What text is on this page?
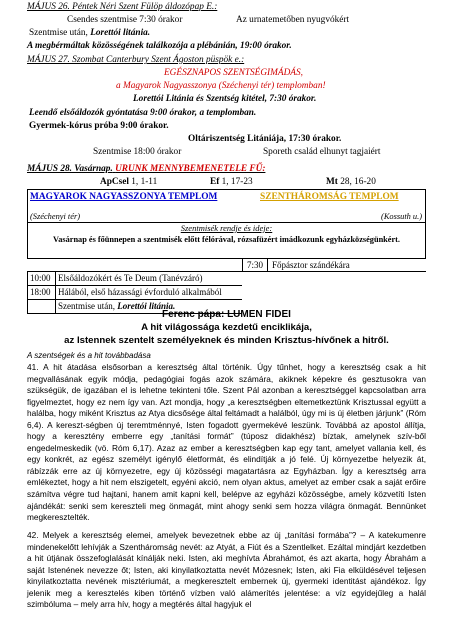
MÁJUS 26. Péntek Néri Szent Fülöp áldozópap E.:
Csendes szentmise 7:30 órakor	Az urnatemetőben nyugvókért
Szentmise után, Lorettói litánia.
A megbérmáltak közösségének találkozója a plébánián, 19:00 órakor.
MÁJUS 27. Szombat Canterbury Szent Ágoston püspök e.:
EGÉSZNAPOS SZENTSÉGIMÁDÁS,
a Magyarok Nagyasszonya (Széchenyi tér) templomban!
Lorettói Litánia és Szentség kitétel, 7:30 órakor.
Leendő elsőáldozók gyóntatása 9:00 órakor, a templomban.
Gyermek-kórus próba 9:00 órakor.
Oltáriszentség Litániája, 17:30 órakor.
Szentmise 18:00 órakor	Sporeth család elhunyt tagjaiért
MÁJUS 28. Vasárnap. URUNK MENNYBEMENETELE FŰ:
ApCsel 1, 1-11	Ef 1, 17-23	Mt 28, 16-20
MAGYAROK NAGYASSZONYA TEMPLOM	SZENTHÁROMSÁG TEMPLOM
(Széchenyi tér)	(Kossuth u.)
Szentmisék rendje és ideje:
Vasárnap és főünnepen a szentmisék előtt félórával, rózsafüzért imádkozunk egyházközségünkért.
7:30	Főpásztor szándékára
10:00 Elsőáldozókért és Te Deum (Tanévzáró)
18:00 Hálából, első házassági évforduló alkalmából
Szentmise után, Lorettói litánia.
Ferenc pápa: LUMEN FIDEI
A hit világossága kezdetű enciklikája,
az Istennek szentelt személyeknek és minden Krisztus-hívőnek a hitről.
A szentségek és a hit továbbadása

41. A hit átadása elsősorban a keresztség által történik. Úgy tűnhet, hogy a keresztség csak a hit megvallásának egyik módja, pedagógiai fogás azok számára, akiknek képekre és gesztusokra van szükségük, de igazában el is lehetne tekinteni tőle. Szent Pál azonban a keresztséggel kapcsolatban arra figyelmeztet, hogy ez nem így van. Azt mondja, hogy „a keresztségben eltemetkeztünk Krisztussal együtt a halálba, hogy miként Krisztus az Atya dicsősége által feltámadt a halálból, úgy mi is új életben járjunk” (Róm 6,4). A kereszt-ségben új teremtménnyé, Isten fogadott gyermekévé leszünk. Továbbá az apostol állítja, hogy a keresztény emberre egy „tanítási formát” (túposz didakhész) bíztak, amelynek szív-ből engedelmeskedik (vö. Róm 6,17). Azaz az ember a keresztségben kap egy tant, amelyet vallania kell, és egy konkrét, az egész személyt igénylő életformát, és elindítják a jó felé. Új környezetbe helyezik át, rábízzák erre az új környezetre, egy új közösségi magatartásra az Egyházban. Így a keresztség arra emlékeztet, hogy a hit nem elszigetelt, egyéni akció, nem olyan aktus, amelyet az ember csak a saját erőire számítva végre tud hajtani, hanem amit kapni kell, belépve az egyházi közösségbe, amely közvetíti Isten ajándékát: senki sem kereszteli meg önmagát, mint ahogy senki sem hozza világra önmagát. Bennünket megkeresztelték.

42. Melyek a keresztség elemei, amelyek bevezetnek ebbe az új „tanítási formába”? – A katekumenre mindenekelőtt lehívják a Szentháromság nevét: az Atyát, a Fiút és a Szentlelket. Ezáltal mindjárt kezdetben a hit útjának összefoglalását kínálják neki. Isten, aki meghívta Ábrahámot, és azt akarta, hogy Ábrahám a saját Istenének nevezze őt; Isten, aki kinyilatkoztatta nevét Mózesnek; Isten, aki Fia elküldésével teljesen kinyilatkoztatta nevének misztériumát, a megkeresztelt embernek új, gyermeki identitást ajándékoz. Így jelenik meg a keresztelés kiben történő vízben való alámerítés jelentése: a víz egyidejűleg a halál szimbóluma – mely arra hív, hogy a megtérés által hagyjuk el
